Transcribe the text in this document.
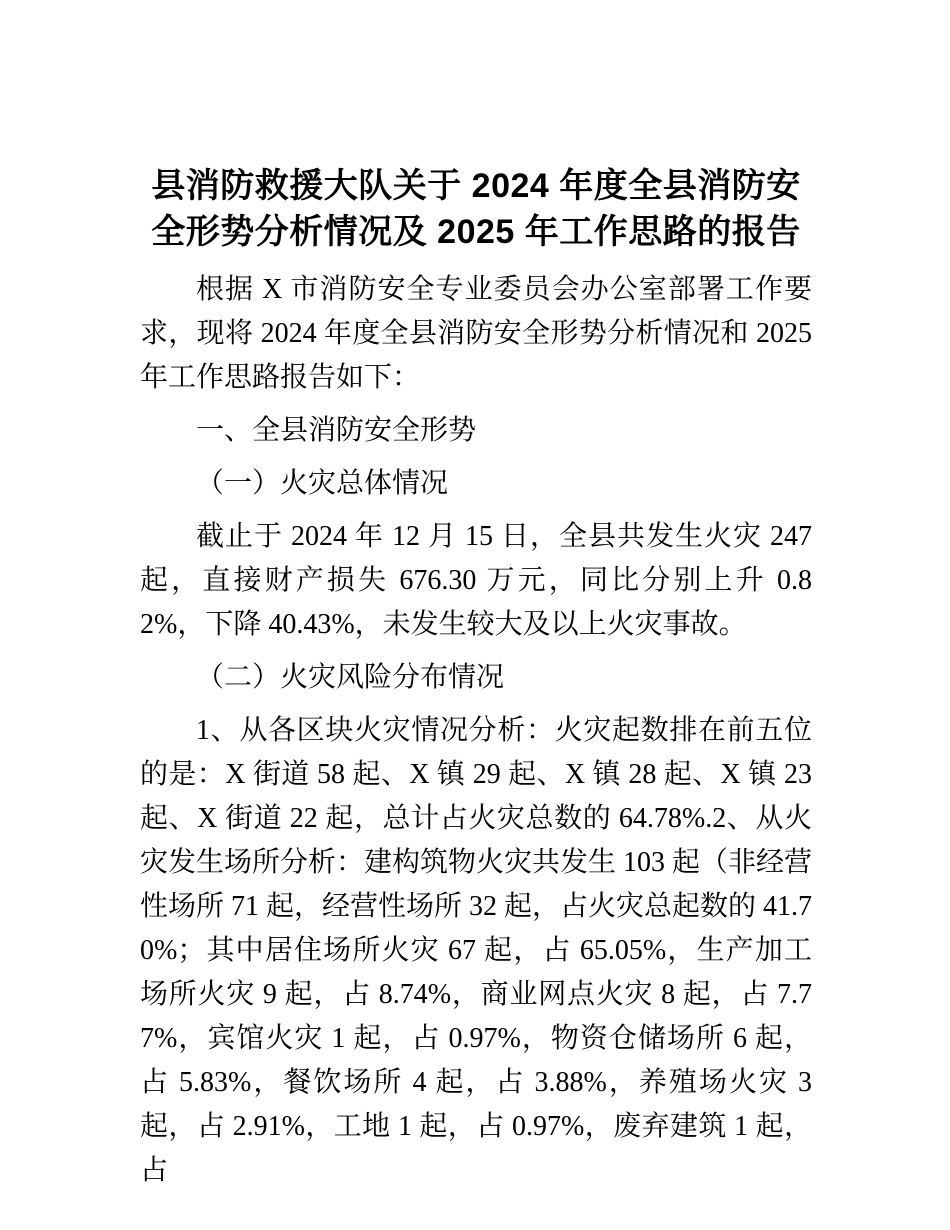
县消防救援大队关于 2024 年度全县消防安全形势分析情况及 2025 年工作思路的报告

根据 X 市消防安全专业委员会办公室部署工作要求，现将 2024 年度全县消防安全形势分析情况和 2025 年工作思路报告如下：

一、全县消防安全形势

（一）火灾总体情况

截止于 2024 年 12 月 15 日，全县共发生火灾 247 起，直接财产损失 676.30 万元，同比分别上升 0.82%，下降 40.43%，未发生较大及以上火灾事故。

（二）火灾风险分布情况

1、从各区块火灾情况分析：火灾起数排在前五位的是：X 街道 58 起、X 镇 29 起、X 镇 28 起、X 镇 23 起、X 街道 22 起，总计占火灾总数的 64.78%.2、从火灾发生场所分析：建构筑物火灾共发生 103 起（非经营性场所 71 起，经营性场所 32 起，占火灾总起数的 41.70%；其中居住场所火灾 67 起，占 65.05%，生产加工场所火灾 9 起，占 8.74%，商业网点火灾 8 起，占 7.77%，宾馆火灾 1 起，占 0.97%，物资仓储场所 6 起，占 5.83%，餐饮场所 4 起，占 3.88%，养殖场火灾 3 起，占 2.91%，工地 1 起，占 0.97%，废弃建筑 1 起，占
